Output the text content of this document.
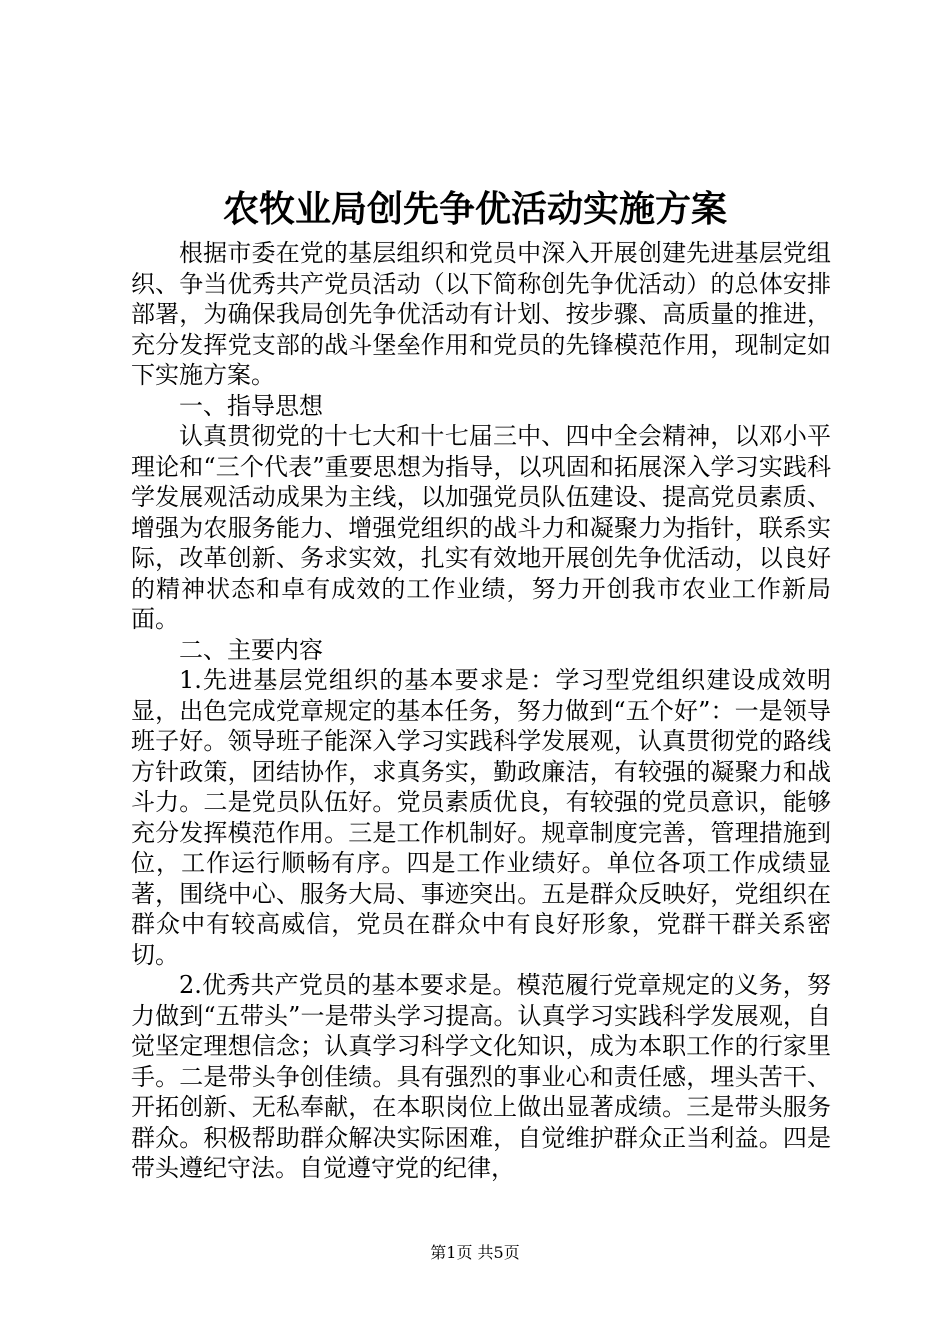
农牧业局创先争优活动实施方案

根据市委在党的基层组织和党员中深入开展创建先进基层党组织、争当优秀共产党员活动（以下简称创先争优活动）的总体安排部署，为确保我局创先争优活动有计划、按步骤、高质量的推进，充分发挥党支部的战斗堡垒作用和党员的先锋模范作用，现制定如下实施方案。

一、指导思想

认真贯彻党的十七大和十七届三中、四中全会精神，以邓小平理论和“三个代表”重要思想为指导，以巩固和拓展深入学习实践科学发展观活动成果为主线，以加强党员队伍建设、提高党员素质、增强为农服务能力、增强党组织的战斗力和凝聚力为指针，联系实际，改革创新、务求实效，扎实有效地开展创先争优活动，以良好的精神状态和卓有成效的工作业绩，努力开创我市农业工作新局面。

二、主要内容

1.先进基层党组织的基本要求是：学习型党组织建设成效明显，出色完成党章规定的基本任务，努力做到“五个好”：一是领导班子好。领导班子能深入学习实践科学发展观，认真贯彻党的路线方针政策，团结协作，求真务实，勤政廉洁，有较强的凝聚力和战斗力。二是党员队伍好。党员素质优良，有较强的党员意识，能够充分发挥模范作用。三是工作机制好。规章制度完善，管理措施到位，工作运行顺畅有序。四是工作业绩好。单位各项工作成绩显著，围绕中心、服务大局、事迹突出。五是群众反映好，党组织在群众中有较高威信，党员在群众中有良好形象，党群干群关系密切。

2.优秀共产党员的基本要求是。模范履行党章规定的义务，努力做到“五带头”一是带头学习提高。认真学习实践科学发展观，自觉坚定理想信念；认真学习科学文化知识，成为本职工作的行家里手。二是带头争创佳绩。具有强烈的事业心和责任感，埋头苦干、开拓创新、无私奉献，在本职岗位上做出显著成绩。三是带头服务群众。积极帮助群众解决实际困难，自觉维护群众正当利益。四是带头遵纪守法。自觉遵守党的纪律，

第1页 共5页
